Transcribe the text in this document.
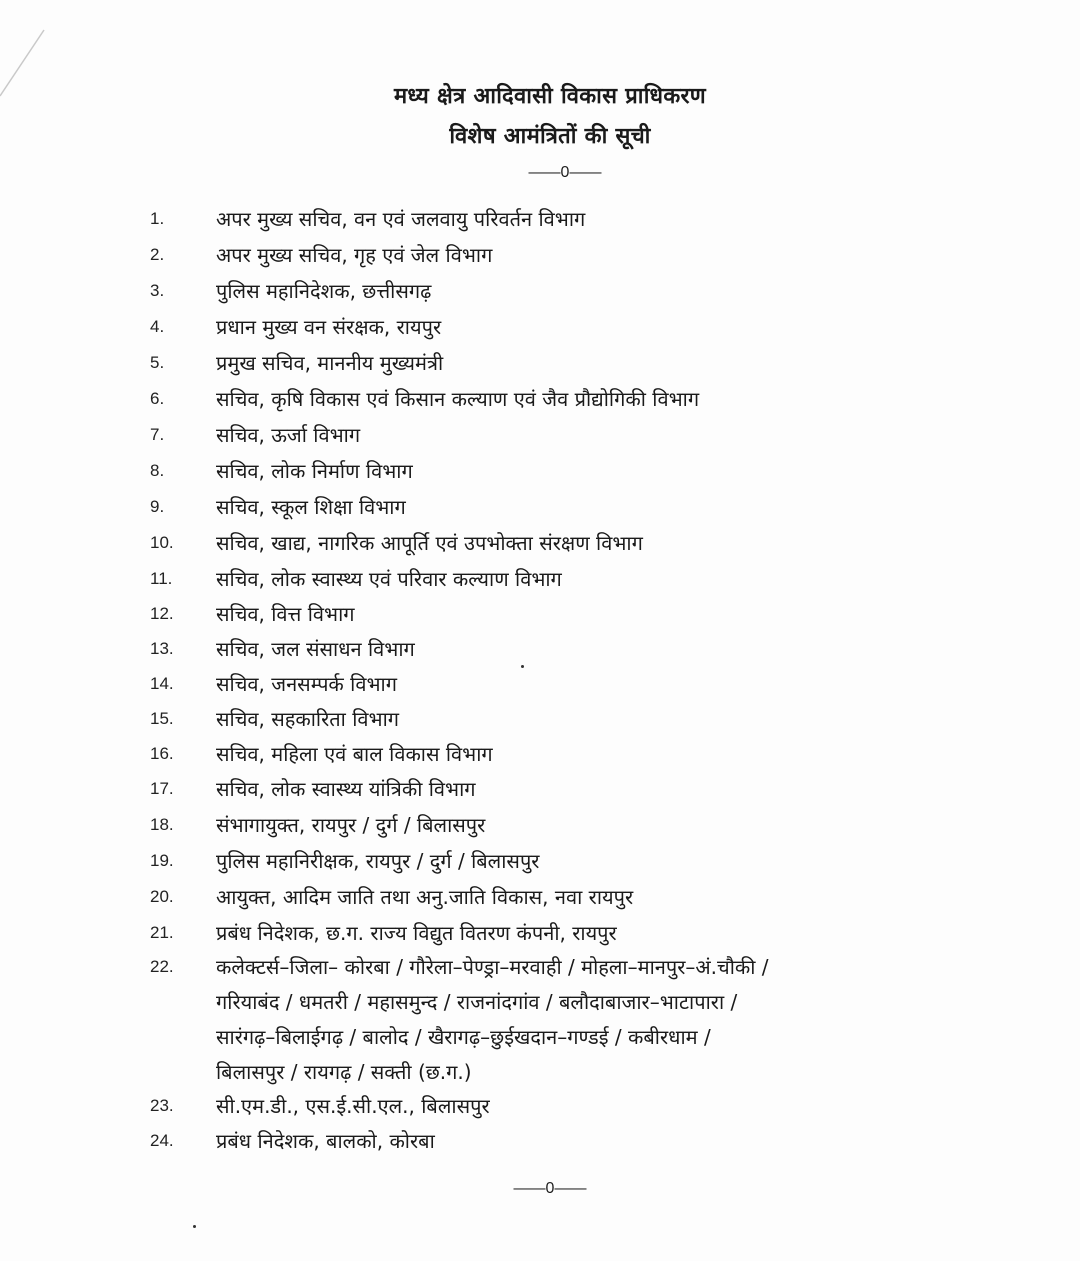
मध्य क्षेत्र आदिवासी विकास प्राधिकरण
विशेष आमंत्रितों की सूची
——0——
1.	अपर मुख्य सचिव, वन एवं जलवायु परिवर्तन विभाग
2.	अपर मुख्य सचिव, गृह एवं जेल विभाग
3.	पुलिस महानिदेशक, छत्तीसगढ़
4.	प्रधान मुख्य वन संरक्षक, रायपुर
5.	प्रमुख सचिव, माननीय मुख्यमंत्री
6.	सचिव, कृषि विकास एवं किसान कल्याण एवं जैव प्रौद्योगिकी विभाग
7.	सचिव, ऊर्जा विभाग
8.	सचिव, लोक निर्माण विभाग
9.	सचिव, स्कूल शिक्षा विभाग
10.	सचिव, खाद्य, नागरिक आपूर्ति एवं उपभोक्ता संरक्षण विभाग
11.	सचिव, लोक स्वास्थ्य एवं परिवार कल्याण विभाग
12.	सचिव, वित्त विभाग
13.	सचिव, जल संसाधन विभाग
14.	सचिव, जनसम्पर्क विभाग
15.	सचिव, सहकारिता विभाग
16.	सचिव, महिला एवं बाल विकास विभाग
17.	सचिव, लोक स्वास्थ्य यांत्रिकी विभाग
18.	संभागायुक्त, रायपुर / दुर्ग / बिलासपुर
19.	पुलिस महानिरीक्षक, रायपुर / दुर्ग / बिलासपुर
20.	आयुक्त, आदिम जाति तथा अनु.जाति विकास, नवा रायपुर
21.	प्रबंध निदेशक, छ.ग. राज्य विद्युत वितरण कंपनी, रायपुर
22.	कलेक्टर्स–जिला– कोरबा / गौरेला–पेण्ड्रा–मरवाही / मोहला–मानपुर–अं.चौकी /
गरियाबंद / धमतरी / महासमुन्द / राजनांदगांव / बलौदाबाजार–भाटापारा /
सारंगढ़–बिलाईगढ़ / बालोद / खैरागढ़–छुईखदान–गण्डई / कबीरधाम /
बिलासपुर / रायगढ़ / सक्ती (छ.ग.)
23.	सी.एम.डी., एस.ई.सी.एल., बिलासपुर
24.	प्रबंध निदेशक, बालको, कोरबा
——0——
